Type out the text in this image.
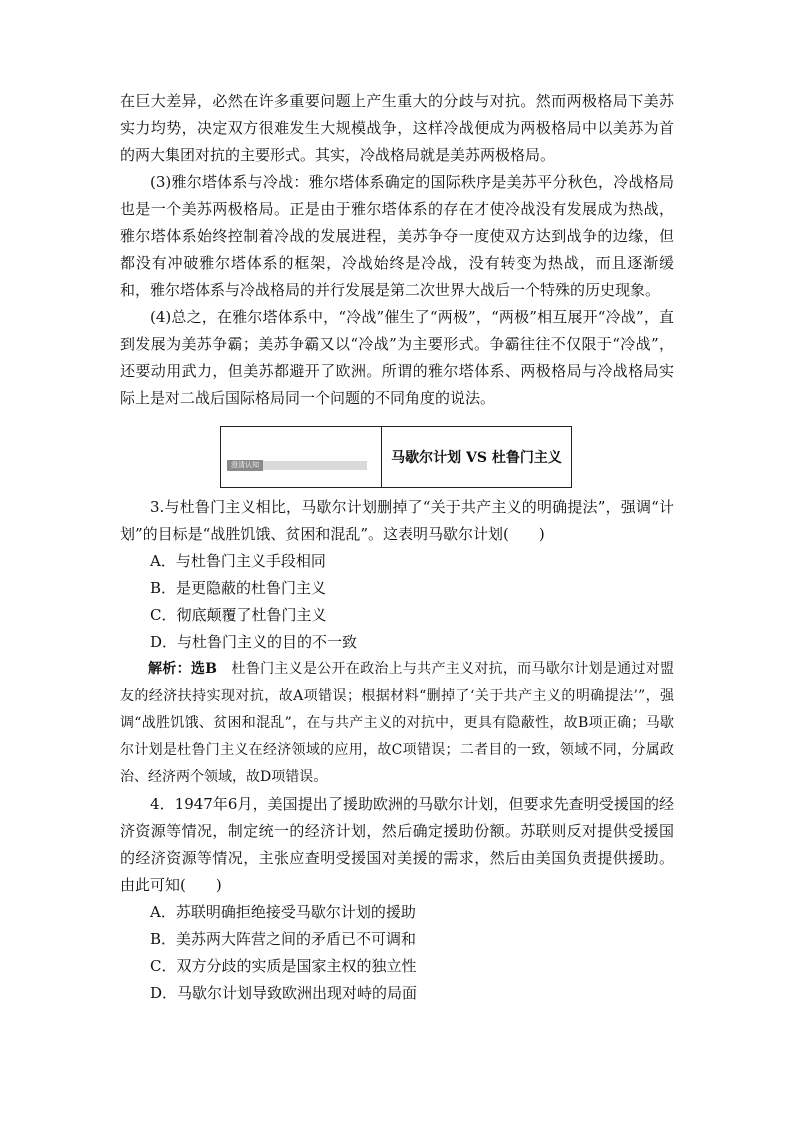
在巨大差异，必然在许多重要问题上产生重大的分歧与对抗。然而两极格局下美苏实力均势，决定双方很难发生大规模战争，这样冷战便成为两极格局中以美苏为首的两大集团对抗的主要形式。其实，冷战格局就是美苏两极格局。

(3)雅尔塔体系与冷战：雅尔塔体系确定的国际秩序是美苏平分秋色，冷战格局也是一个美苏两极格局。正是由于雅尔塔体系的存在才使冷战没有发展成为热战，雅尔塔体系始终控制着冷战的发展进程，美苏争夺一度使双方达到战争的边缘，但都没有冲破雅尔塔体系的框架，冷战始终是冷战，没有转变为热战，而且逐渐缓和，雅尔塔体系与冷战格局的并行发展是第二次世界大战后一个特殊的历史现象。

(4)总之，在雅尔塔体系中，“冷战”催生了“两极”，“两极”相互展开“冷战”，直到发展为美苏争霸；美苏争霸又以“冷战”为主要形式。争霸往往不仅限于“冷战”，还要动用武力，但美苏都避开了欧洲。所谓的雅尔塔体系、两极格局与冷战格局实际上是对二战后国际格局同一个问题的不同角度的说法。

澄清认知	马歇尔计划 VS 杜鲁门主义

3.与杜鲁门主义相比，马歇尔计划删掉了“关于共产主义的明确提法”，强调“计划”的目标是“战胜饥饿、贫困和混乱”。这表明马歇尔计划(　　)

A．与杜鲁门主义手段相同

B．是更隐蔽的杜鲁门主义

C．彻底颠覆了杜鲁门主义

D．与杜鲁门主义的目的不一致

解析：选B　杜鲁门主义是公开在政治上与共产主义对抗，而马歇尔计划是通过对盟友的经济扶持实现对抗，故A项错误；根据材料“删掉了‘关于共产主义的明确提法’”，强调“战胜饥饿、贫困和混乱”，在与共产主义的对抗中，更具有隐蔽性，故B项正确；马歇尔计划是杜鲁门主义在经济领域的应用，故C项错误；二者目的一致，领域不同，分属政治、经济两个领域，故D项错误。

4．1947年6月，美国提出了援助欧洲的马歇尔计划，但要求先查明受援国的经济资源等情况，制定统一的经济计划，然后确定援助份额。苏联则反对提供受援国的经济资源等情况，主张应查明受援国对美援的需求，然后由美国负责提供援助。由此可知(　　)

A．苏联明确拒绝接受马歇尔计划的援助

B．美苏两大阵营之间的矛盾已不可调和

C．双方分歧的实质是国家主权的独立性

D．马歇尔计划导致欧洲出现对峙的局面
